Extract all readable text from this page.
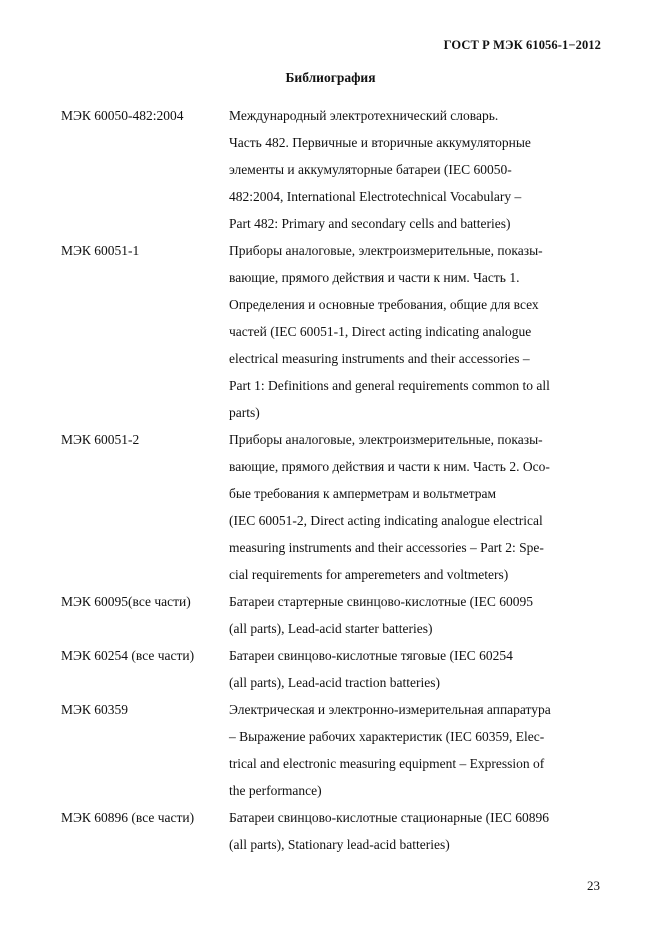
ГОСТ Р МЭК 61056-1−2012
Библиография
МЭК 60050-482:2004	Международный электротехнический словарь.
Часть 482. Первичные и вторичные аккумуляторные
элементы и аккумуляторные батареи (IEC 60050-
482:2004, International Electrotechnical Vocabulary –
Part 482: Primary and secondary cells and batteries)
МЭК 60051-1	Приборы аналоговые, электроизмерительные, показы-
вающие, прямого действия и части к ним. Часть 1.
Определения и основные требования, общие для всех
частей (IEC 60051-1, Direct acting indicating analogue
electrical measuring instruments and their accessories –
Part 1: Definitions and general requirements common to all
parts)
МЭК 60051-2	Приборы аналоговые, электроизмерительные, показы-
вающие, прямого действия и части к ним. Часть 2. Осо-
бые требования к амперметрам и вольтметрам
(IEC 60051-2, Direct acting indicating analogue electrical
measuring instruments and their accessories – Part 2: Spe-
cial requirements for amperemeters and voltmeters)
МЭК 60095(все части)	Батареи стартерные свинцово-кислотные (IEC 60095
(all parts), Lead-acid starter batteries)
МЭК 60254 (все части)	Батареи свинцово-кислотные тяговые (IEC 60254
(all parts), Lead-acid traction batteries)
МЭК 60359	Электрическая и электронно-измерительная аппаратура
– Выражение рабочих характеристик (IEC 60359, Elec-
trical and electronic measuring equipment – Expression of
the performance)
МЭК 60896 (все части)	Батареи свинцово-кислотные стационарные (IEC 60896
(all parts), Stationary lead-acid batteries)
23
